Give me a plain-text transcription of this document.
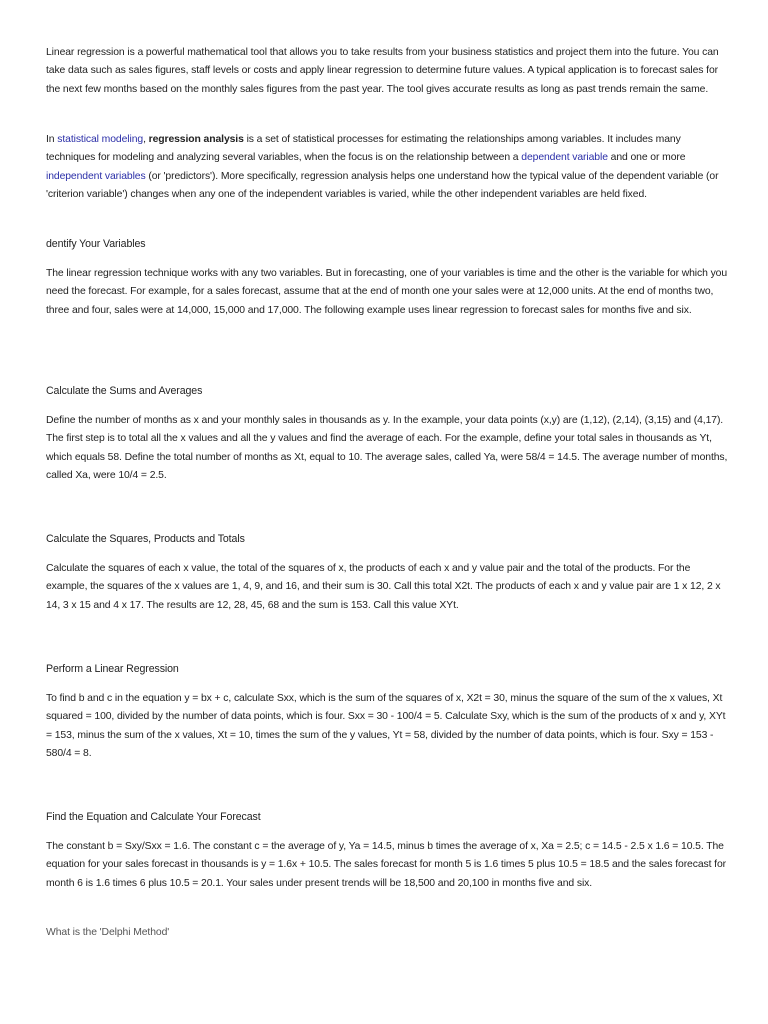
Linear regression is a powerful mathematical tool that allows you to take results from your business statistics and project them into the future. You can take data such as sales figures, staff levels or costs and apply linear regression to determine future values. A typical application is to forecast sales for the next few months based on the monthly sales figures from the past year. The tool gives accurate results as long as past trends remain the same.

In statistical modeling, regression analysis is a set of statistical processes for estimating the relationships among variables. It includes many techniques for modeling and analyzing several variables, when the focus is on the relationship between a dependent variable and one or more independent variables (or 'predictors'). More specifically, regression analysis helps one understand how the typical value of the dependent variable (or 'criterion variable') changes when any one of the independent variables is varied, while the other independent variables are held fixed.

dentify Your Variables

The linear regression technique works with any two variables. But in forecasting, one of your variables is time and the other is the variable for which you need the forecast. For example, for a sales forecast, assume that at the end of month one your sales were at 12,000 units. At the end of months two, three and four, sales were at 14,000, 15,000 and 17,000. The following example uses linear regression to forecast sales for months five and six.

Calculate the Sums and Averages

Define the number of months as x and your monthly sales in thousands as y. In the example, your data points (x,y) are (1,12), (2,14), (3,15) and (4,17). The first step is to total all the x values and all the y values and find the average of each. For the example, define your total sales in thousands as Yt, which equals 58. Define the total number of months as Xt, equal to 10. The average sales, called Ya, were 58/4 = 14.5. The average number of months, called Xa, were 10/4 = 2.5.

Calculate the Squares, Products and Totals

Calculate the squares of each x value, the total of the squares of x, the products of each x and y value pair and the total of the products. For the example, the squares of the x values are 1, 4, 9, and 16, and their sum is 30. Call this total X2t. The products of each x and y value pair are 1 x 12, 2 x 14, 3 x 15 and 4 x 17. The results are 12, 28, 45, 68 and the sum is 153. Call this value XYt.

Perform a Linear Regression

To find b and c in the equation y = bx + c, calculate Sxx, which is the sum of the squares of x, X2t = 30, minus the square of the sum of the x values, Xt squared = 100, divided by the number of data points, which is four. Sxx = 30 - 100/4 = 5. Calculate Sxy, which is the sum of the products of x and y, XYt = 153, minus the sum of the x values, Xt = 10, times the sum of the y values, Yt = 58, divided by the number of data points, which is four. Sxy = 153 - 580/4 = 8.

Find the Equation and Calculate Your Forecast

The constant b = Sxy/Sxx = 1.6. The constant c = the average of y, Ya = 14.5, minus b times the average of x, Xa = 2.5; c = 14.5 - 2.5 x 1.6 = 10.5. The equation for your sales forecast in thousands is y = 1.6x + 10.5. The sales forecast for month 5 is 1.6 times 5 plus 10.5 = 18.5 and the sales forecast for month 6 is 1.6 times 6 plus 10.5 = 20.1. Your sales under present trends will be 18,500 and 20,100 in months five and six.

What is the 'Delphi Method'
